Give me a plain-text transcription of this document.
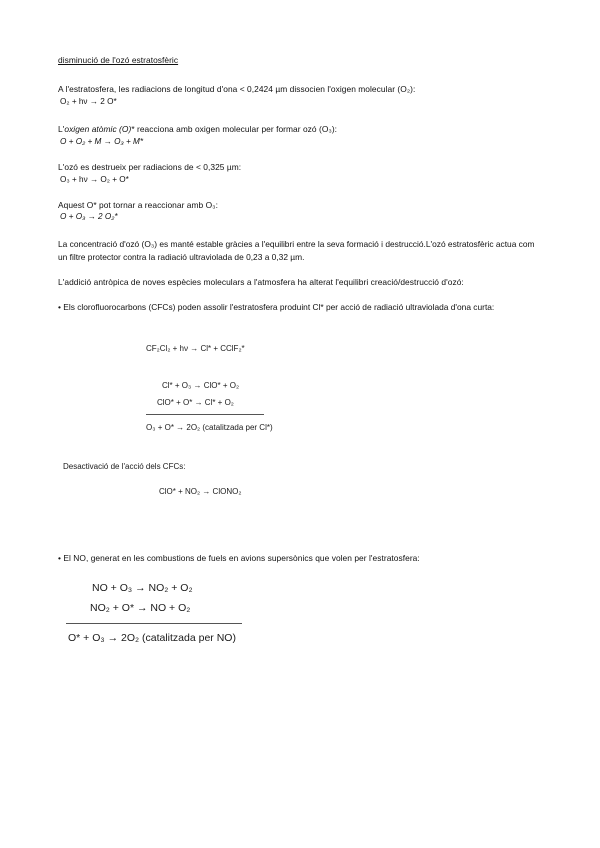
disminució de l'ozó estratosfèric
A l'estratosfera, les radiacions de longitud d'ona < 0,2424 µm dissocien l'oxigen molecular (O₂):
O₂ + hν → 2 O*
L'oxigen atòmic (O)* reacciona amb oxigen molecular per formar ozó (O₃):
O + O₂ + M → O₃ + M*
L'ozó es destrueix per radiacions de < 0,325 µm:
O₃ + hν → O₂ + O*
Aquest O* pot tornar a reaccionar amb O₃:
O + O₃ → 2 O₂*
La concentració d'ozó (O₃) es manté estable gràcies a l'equilibri entre la seva formació i destrucció.L'ozó estratosfèric actua com un filtre protector contra la radiació ultraviolada de 0,23 a 0,32 µm.
L'addició antròpica de noves espècies moleculars a l'atmosfera ha alterat l'equilibri creació/destrucció d'ozó:
• Els clorofluorocarbons (CFCs) poden assolir l'estratosfera produint Cl* per acció de radiació ultraviolada d'ona curta:
CF₂Cl₂ + hν → Cl* + CClF₂*
Cl* + O₃ → ClO* + O₂
ClO* + O* → Cl* + O₂
O₃ + O* → 2O₂ (catalitzada per Cl*)
Desactivació de l'acció dels CFCs:
ClO* + NO₂ → ClONO₂
• El NO, generat en les combustions de fuels en avions supersònics que volen per l'estratosfera:
NO + O₃ → NO₂ + O₂
NO₂ + O* → NO + O₂
O* + O₃ → 2O₂ (catalitzada per NO)
